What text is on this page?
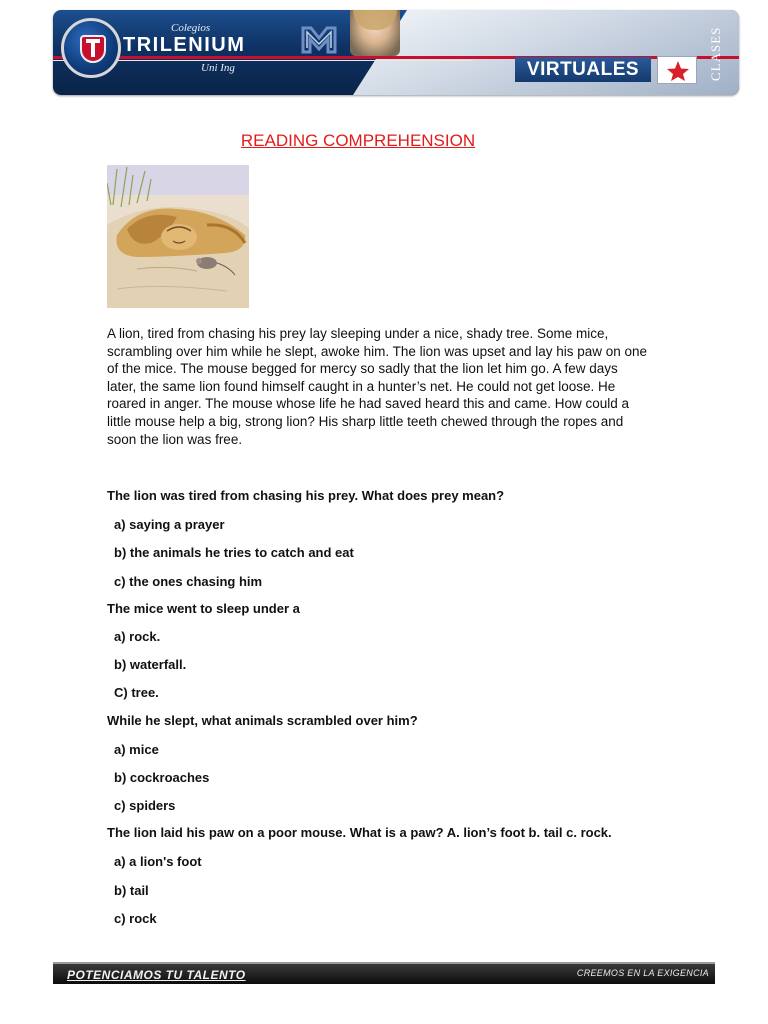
Colegios
TRILENIUM
Uni Ing	VIRTUALES	CLASES
READING COMPREHENSION
A lion, tired from chasing his prey lay sleeping under a nice, shady tree. Some mice,
scrambling over him while he slept, awoke him. The lion was upset and lay his paw on one
of the mice. The mouse begged for mercy so sadly that the lion let him go. A few days
later, the same lion found himself caught in a hunter’s net. He could not get loose. He
roared in anger. The mouse whose life he had saved heard this and came. How could a
little mouse help a big, strong lion? His sharp little teeth chewed through the ropes and
soon the lion was free.
The lion was tired from chasing his prey. What does prey mean?
a) saying a prayer
b) the animals he tries to catch and eat
c) the ones chasing him
The mice went to sleep under a
a) rock.
b) waterfall.
C) tree.
While he slept, what animals scrambled over him?
a) mice
b) cockroaches
c) spiders
The lion laid his paw on a poor mouse. What is a paw? A. lion’s foot b. tail c. rock.
a) a lion's foot
b) tail
c) rock
POTENCIAMOS TU TALENTO	CREEMOS EN LA EXIGENCIA
